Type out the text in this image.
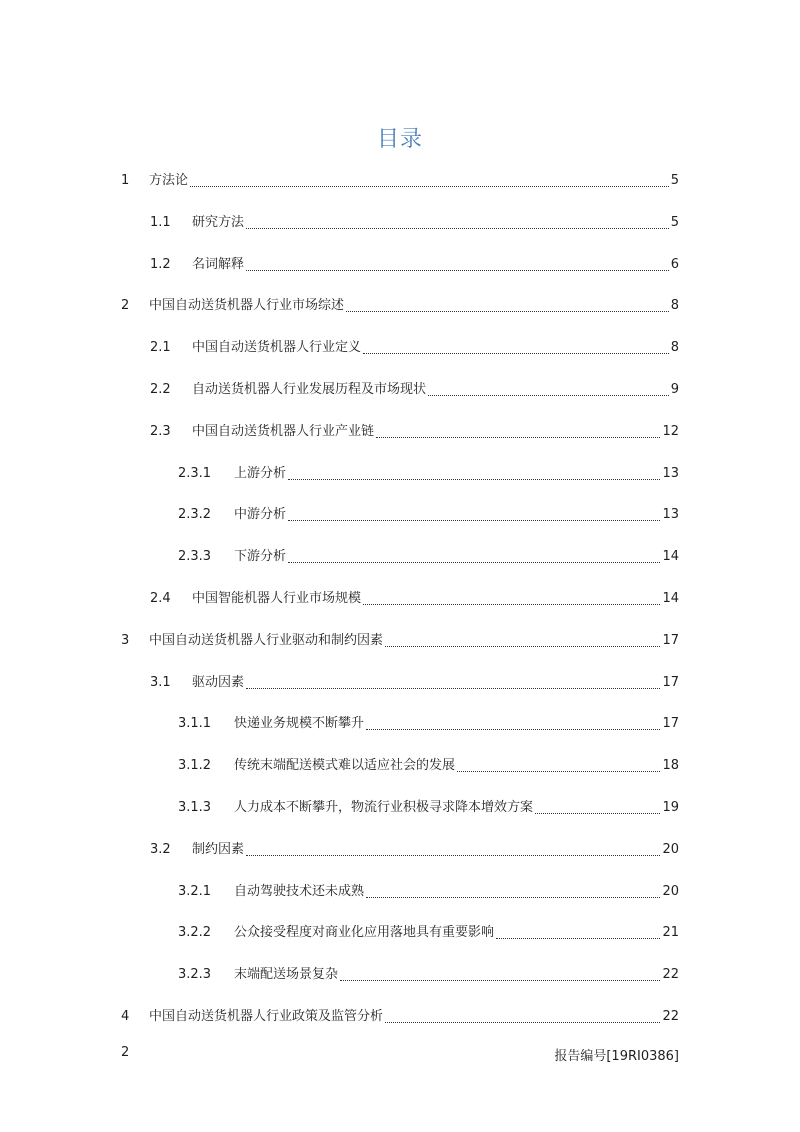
目录
1	方法论	5
1.1	研究方法	5
1.2	名词解释	6
2	中国自动送货机器人行业市场综述	8
2.1	中国自动送货机器人行业定义	8
2.2	自动送货机器人行业发展历程及市场现状	9
2.3	中国自动送货机器人行业产业链	12
2.3.1	上游分析	13
2.3.2	中游分析	13
2.3.3	下游分析	14
2.4	中国智能机器人行业市场规模	14
3	中国自动送货机器人行业驱动和制约因素	17
3.1	驱动因素	17
3.1.1	快递业务规模不断攀升	17
3.1.2	传统末端配送模式难以适应社会的发展	18
3.1.3	人力成本不断攀升，物流行业积极寻求降本增效方案	19
3.2	制约因素	20
3.2.1	自动驾驶技术还未成熟	20
3.2.2	公众接受程度对商业化应用落地具有重要影响	21
3.2.3	末端配送场景复杂	22
4	中国自动送货机器人行业政策及监管分析	22
2	报告编号[19RI0386]
